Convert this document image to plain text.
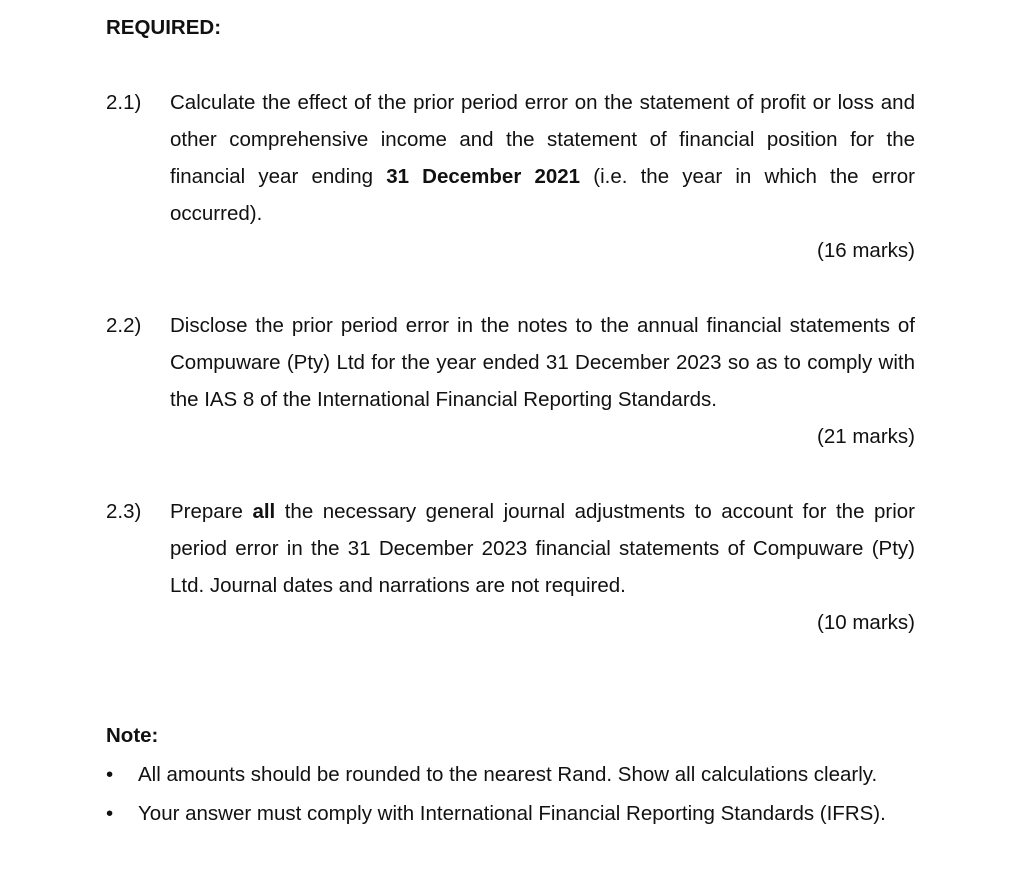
REQUIRED:

2.1) Calculate the effect of the prior period error on the statement of profit or loss and other comprehensive income and the statement of financial position for the financial year ending 31 December 2021 (i.e. the year in which the error occurred).
(16 marks)
2.2) Disclose the prior period error in the notes to the annual financial statements of Compuware (Pty) Ltd for the year ended 31 December 2023 so as to comply with the IAS 8 of the International Financial Reporting Standards.
(21 marks)
2.3) Prepare all the necessary general journal adjustments to account for the prior period error in the 31 December 2023 financial statements of Compuware (Pty) Ltd. Journal dates and narrations are not required.
(10 marks)

Note:

• All amounts should be rounded to the nearest Rand. Show all calculations clearly.
• Your answer must comply with International Financial Reporting Standards (IFRS).
